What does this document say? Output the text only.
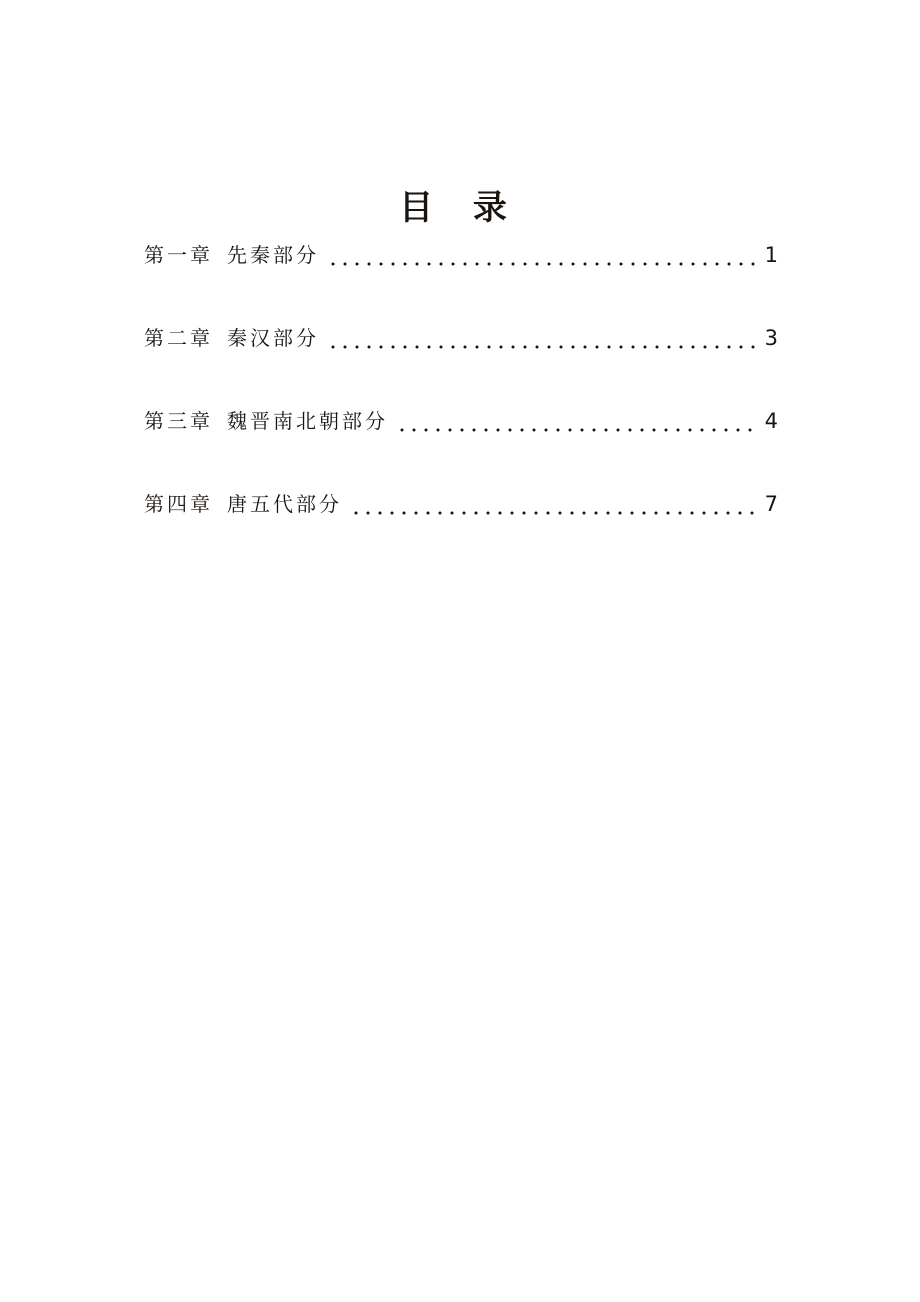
目 录
第一章 先秦部分	1
第二章 秦汉部分	3
第三章 魏晋南北朝部分	4
第四章 唐五代部分	7
